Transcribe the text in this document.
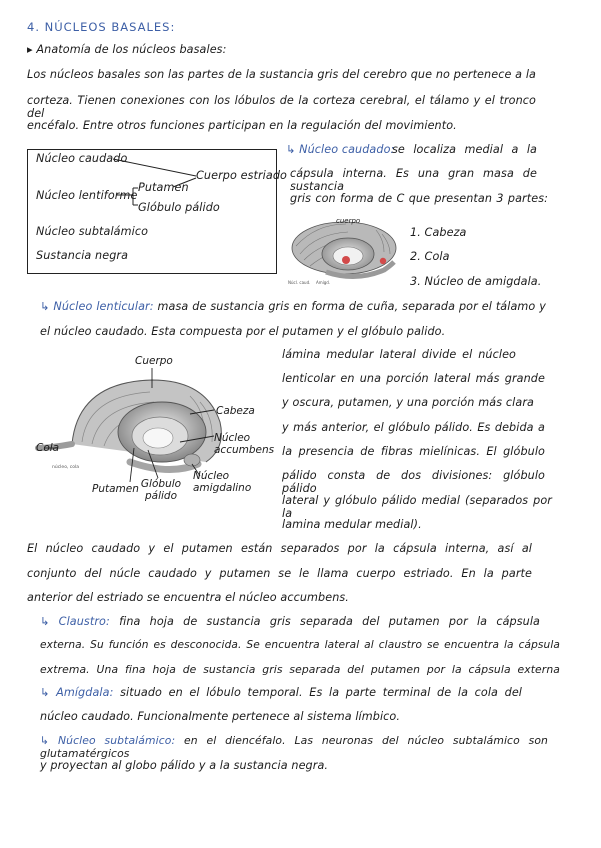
4. NÚCLEOS BASALES:
▸ Anatomía de los núcleos basales:
Los núcleos basales son las partes de la sustancia gris del cerebro que no pertenece a la
corteza. Tienen conexiones con los lóbulos de la corteza cerebral, el tálamo y el tronco del
encéfalo. Entre otros funciones participan en la regulación del movimiento.
Núcleo caudado
Núcleo lentiforme
Putamen
Glóbulo pálido
Cuerpo estriado
Núcleo subtalámico
Sustancia negra
↳ Núcleo caudado:
se localiza medial a la
cápsula interna. Es una gran masa de sustancia
gris con forma de C que presentan 3 partes:
1. Cabeza
2. Cola
3. Núcleo de amigdala.
cuerpo
Núcl. caud. Amígd.
↳ Núcleo lenticular: masa de sustancia gris en forma de cuña, separada por el tálamo y
el núcleo caudado. Esta compuesta por el putamen y el glóbulo palido.
núcleo, cola
Cuerpo
Cabeza
Núcleo accumbens
Cola
Putamen Glóbulo pálido
Núcleo amigdalino
lámina medular lateral divide el núcleo
lenticolar en una porción lateral más grande
y oscura, putamen, y una porción más clara
y más anterior, el glóbulo pálido. Es debida a
la presencia de fibras mielínicas. El glóbulo
pálido consta de dos divisiones: glóbulo pálido
lateral y glóbulo pálido medial (separados por la
lamina medular medial).
El núcleo caudado y el putamen están separados por la cápsula interna, así al
conjunto del núcle caudado y putamen se le llama cuerpo estriado. En la parte
anterior del estriado se encuentra el núcleo accumbens.
↳ Claustro: fina hoja de sustancia gris separada del putamen por la cápsula
externa. Su función es desconocida. Se encuentra lateral al claustro se encuentra la cápsula
extrema. Una fina hoja de sustancia gris separada del putamen por la cápsula externa
↳ Amígdala: situado en el lóbulo temporal. Es la parte terminal de la cola del
núcleo caudado. Funcionalmente pertenece al sistema límbico.
↳ Núcleo subtalámico: en el diencéfalo. Las neuronas del núcleo subtalámico son glutamatérgicos
y proyectan al globo pálido y a la sustancia negra.
